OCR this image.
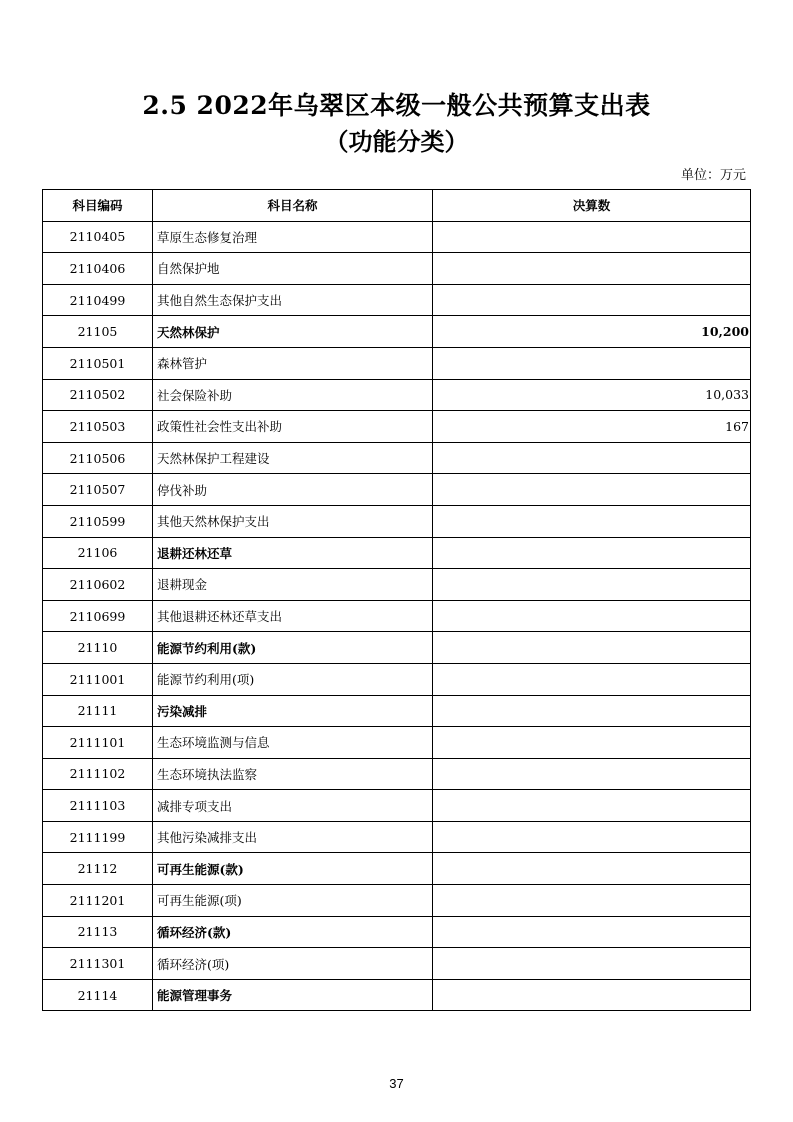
2.5 2022年乌翠区本级一般公共预算支出表
（功能分类）
单位：万元
科目编码	科目名称	决算数
2110405	草原生态修复治理	
2110406	自然保护地	
2110499	其他自然生态保护支出	
21105	天然林保护	10,200
2110501	森林管护	
2110502	社会保险补助	10,033
2110503	政策性社会性支出补助	167
2110506	天然林保护工程建设	
2110507	停伐补助	
2110599	其他天然林保护支出	
21106	退耕还林还草	
2110602	退耕现金	
2110699	其他退耕还林还草支出	
21110	能源节约利用(款)	
2111001	能源节约利用(项)	
21111	污染减排	
2111101	生态环境监测与信息	
2111102	生态环境执法监察	
2111103	减排专项支出	
2111199	其他污染减排支出	
21112	可再生能源(款)	
2111201	可再生能源(项)	
21113	循环经济(款)	
2111301	循环经济(项)	
21114	能源管理事务	
37
